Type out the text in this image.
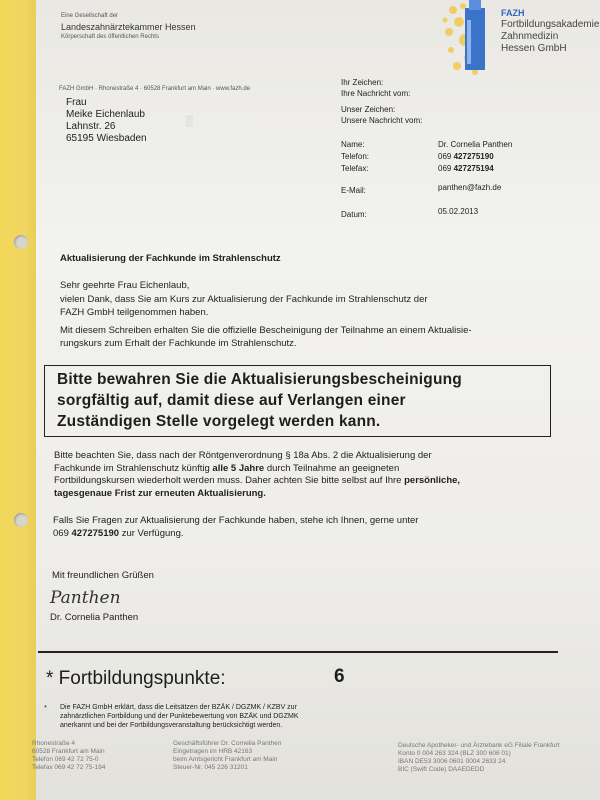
Eine Gesellschaft der
Landeszahnärztekammer Hessen
Körperschaft des öffentlichen Rechts
FAZH
Fortbildungsakademie
Zahnmedizin
Hessen GmbH
FAZH GmbH · Rhonestraße 4 · 60528 Frankfurt am Main · www.fazh.de
Frau
Meike Eichenlaub
Lahnstr. 26
65195 Wiesbaden
▒
Ihr Zeichen:
Ihre Nachricht vom:
Unser Zeichen:
Unsere Nachricht vom:
Name:	Dr. Cornelia Panthen
Telefon:	069 427275190
Telefax:	069 427275194
E-Mail:	panthen@fazh.de
Datum:	05.02.2013
Aktualisierung der Fachkunde im Strahlenschutz
Sehr geehrte Frau Eichenlaub,
vielen Dank, dass Sie am Kurs zur Aktualisierung der Fachkunde im Strahlenschutz der
FAZH GmbH teilgenommen haben.
Mit diesem Schreiben erhalten Sie die offizielle Bescheinigung der Teilnahme an einem Aktualisie-
rungskurs zum Erhalt der Fachkunde im Strahlenschutz.
Bitte bewahren Sie die Aktualisierungsbescheinigung
sorgfältig auf, damit diese auf Verlangen einer
Zuständigen Stelle vorgelegt werden kann.
Bitte beachten Sie, dass nach der Röntgenverordnung § 18a Abs. 2 die Aktualisierung der
Fachkunde im Strahlenschutz künftig alle 5 Jahre durch Teilnahme an geeigneten
Fortbildungskursen wiederholt werden muss. Daher achten Sie bitte selbst auf Ihre persönliche,
tagesgenaue Frist zur erneuten Aktualisierung.
Falls Sie Fragen zur Aktualisierung der Fachkunde haben, stehe ich Ihnen, gerne unter
069 427275190 zur Verfügung.
Mit freundlichen Grüßen
Panthen
Dr. Cornelia Panthen
* Fortbildungspunkte:	6
* Die FAZH GmbH erklärt, dass die Leitsätzen der BZÄK / DGZMK / KZBV zur
zahnärztlichen Fortbildung und der Punktebewertung von BZÄK und DGZMK
anerkannt und bei der Fortbildungsveranstaltung berücksichtigt werden.
Rhonestraße 4
60528 Frankfurt am Main
Telefon 069 42 72 75-0
Telefax 069 42 72 75-194
Geschäftsführer Dr. Cornelia Panthen
Eingetragen im HRB 42163
beim Amtsgericht Frankfurt am Main
Steuer-Nr. 045 226 31201
Deutsche Apotheker- und Ärztebank eG Filiale Frankfurt
Konto 0 004 263 324 (BLZ 300 606 01)
IBAN DE53 3006 0601 0004 2633 24
BIC (Swift Code) DAAEDEDD
